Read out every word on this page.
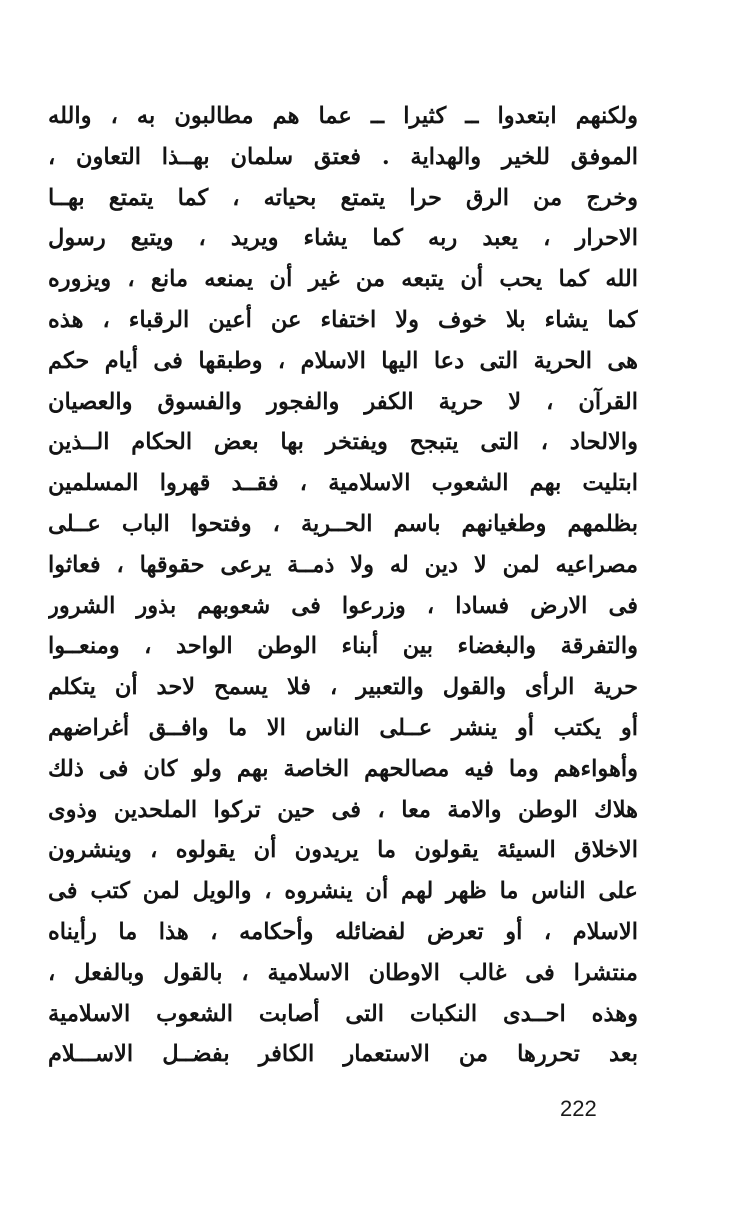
ولكنهم ابتعدوا ــ كثيرا ــ عما هم مطالبون به ، والله
الموفق للخير والهداية . فعتق سلمان بهــذا التعاون ،
وخرج من الرق حرا يتمتع بحياته ، كما يتمتع بهــا
الاحرار ، يعبد ربه كما يشاء ويريد ، ويتبع رسول
الله كما يحب أن يتبعه من غير أن يمنعه مانع ، ويزوره
كما يشاء بلا خوف ولا اختفاء عن أعين الرقباء ، هذه
هى الحرية التى دعا اليها الاسلام ، وطبقها فى أيام حكم
القرآن ، لا حرية الكفر والفجور والفسوق والعصيان
والالحاد ، التى يتبجح ويفتخر بها بعض الحكام الــذين
ابتليت بهم الشعوب الاسلامية ، فقــد قهروا المسلمين
بظلمهم وطغيانهم باسم الحــرية ، وفتحوا الباب عــلى
مصراعيه لمن لا دين له ولا ذمــة يرعى حقوقها ، فعاثوا
فى الارض فسادا ، وزرعوا فى شعوبهم بذور الشرور
والتفرقة والبغضاء بين أبناء الوطن الواحد ، ومنعــوا
حرية الرأى والقول والتعبير ، فلا يسمح لاحد أن يتكلم
أو يكتب أو ينشر عــلى الناس الا ما وافــق أغراضهم
وأهواءهم وما فيه مصالحهم الخاصة بهم ولو كان فى ذلك
هلاك الوطن والامة معا ، فى حين تركوا الملحدين وذوى
الاخلاق السيئة يقولون ما يريدون أن يقولوه ، وينشرون
على الناس ما ظهر لهم أن ينشروه ، والويل لمن كتب فى
الاسلام ، أو تعرض لفضائله وأحكامه ، هذا ما رأيناه
منتشرا فى غالب الاوطان الاسلامية ، بالقول وبالفعل ،
وهذه احــدى النكبات التى أصابت الشعوب الاسلامية
بعد تحررها من الاستعمار الكافر بفضــل الاســـلام
222
